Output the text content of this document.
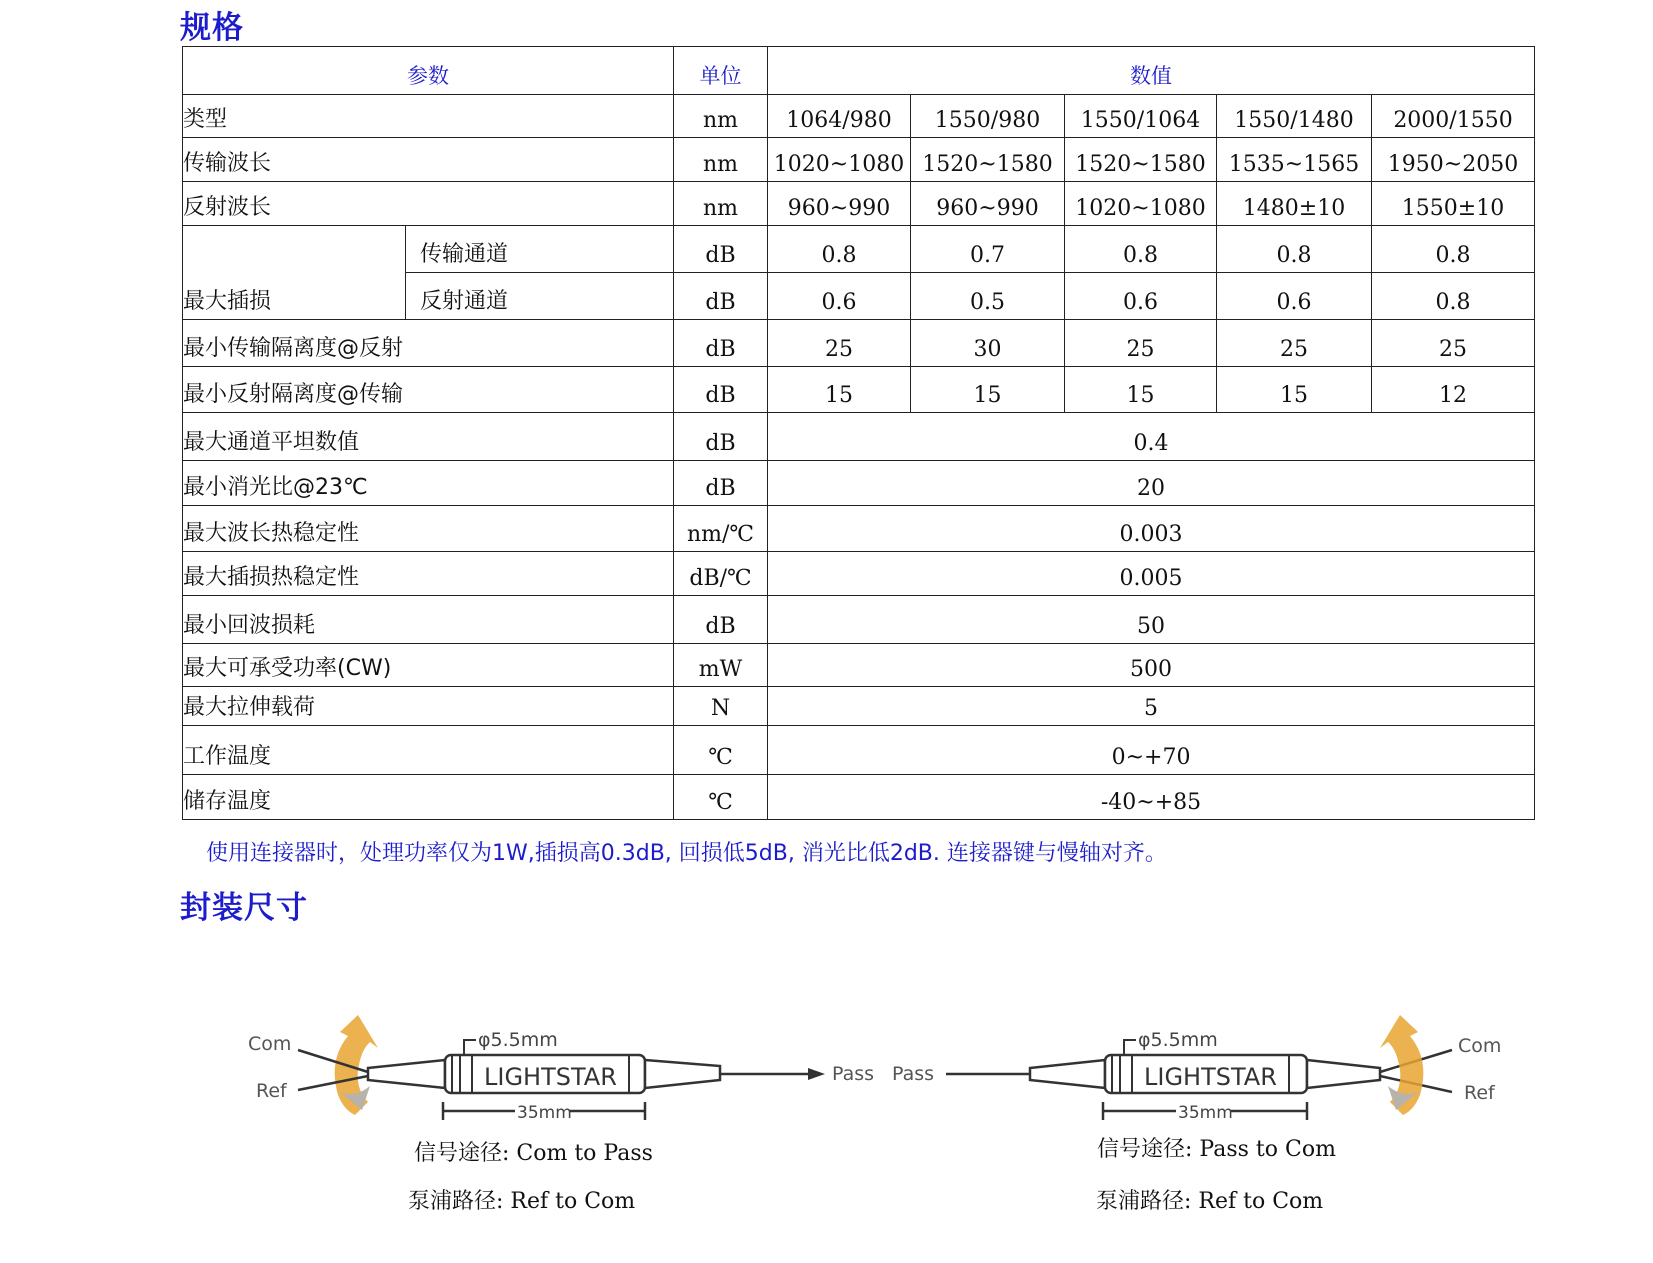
规格
参数		单位	数值				
类型		nm	1064/980	1550/980	1550/1064	1550/1480	2000/1550
传输波长		nm	1020~1080	1520~1580	1520~1580	1535~1565	1950~2050
反射波长		nm	960~990	960~990	1020~1080	1480±10	1550±10
最大插损	传输通道	dB	0.8	0.7	0.8	0.8	0.8
	反射通道	dB	0.6	0.5	0.6	0.6	0.8
最小传输隔离度@反射		dB	25	30	25	25	25
最小反射隔离度@传输		dB	15	15	15	15	12
最大通道平坦数值		dB	0.4				
最小消光比@23℃		dB	20				
最大波长热稳定性		nm/℃	0.003				
最大插损热稳定性		dB/℃	0.005				
最小回波损耗		dB	50				
最大可承受功率(CW)		mW	500				
最大拉伸载荷		N	5				
工作温度		℃	0~+70				
储存温度		℃	-40~+85				
使用连接器时，处理功率仅为1W,插损高0.3dB, 回损低5dB, 消光比低2dB. 连接器键与慢轴对齐。
封装尺寸
LIGHTSTAR
φ5.5mm
35mm
Com
Ref
Pass Pass	LIGHTSTAR
φ5.5mm
35mm
Com
Ref
信号途径: Com to Pass
泵浦路径: Ref to Com
信号途径: Pass to Com
泵浦路径: Ref to Com
